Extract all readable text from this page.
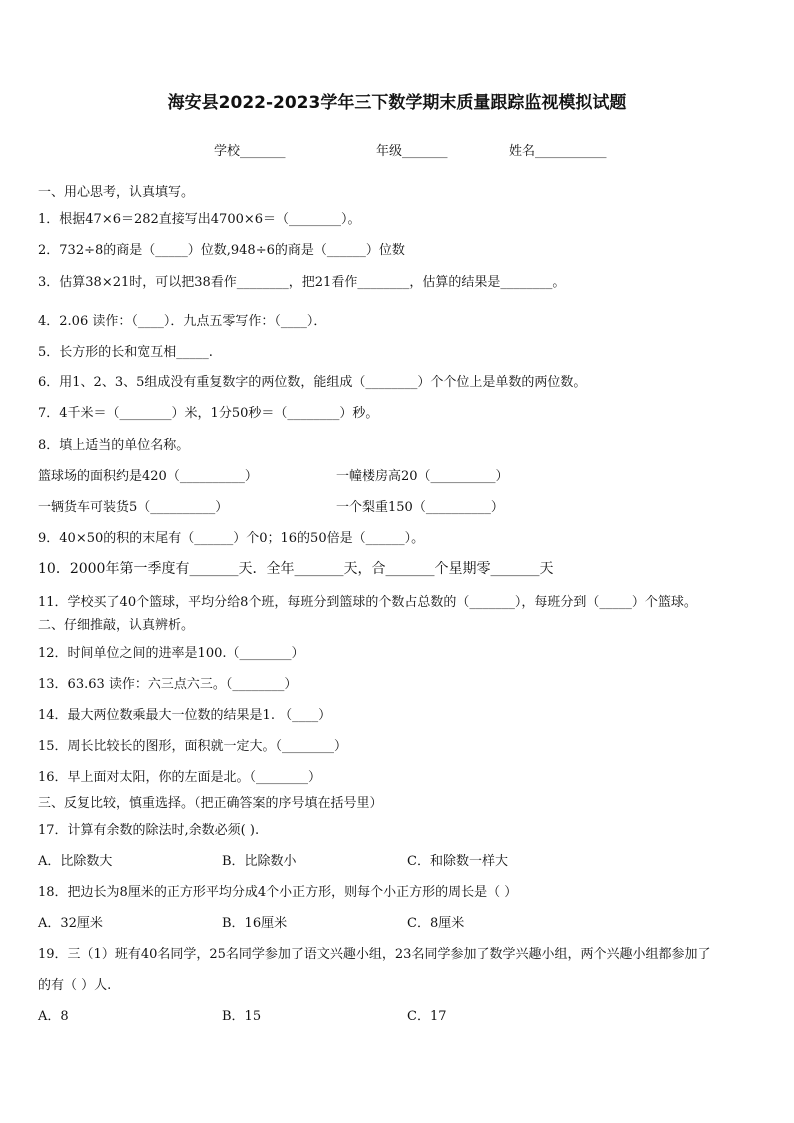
海安县2022-2023学年三下数学期末质量跟踪监视模拟试题
学校_______	年级_______	姓名___________
一、用心思考，认真填写。
1．根据47×6＝282直接写出4700×6＝（________）。
2．732÷8的商是（_____）位数,948÷6的商是（______）位数
3．估算38×21时，可以把38看作________，把21看作________，估算的结果是________。
4．2.06 读作：（____）．九点五零写作：（____）．
5．长方形的长和宽互相_____.
6．用1、2、3、5组成没有重复数字的两位数，能组成（________）个个位上是单数的两位数。
7．4千米＝（________）米，1分50秒＝（________）秒。
8．填上适当的单位名称。
篮球场的面积约是420（__________）	一幢楼房高20（__________）
一辆货车可装货5（__________）	一个梨重150（__________）
9．40×50的积的末尾有（______）个0；16的50倍是（______）。
10．2000年第一季度有_______天．全年_______天，合_______个星期零_______天
11．学校买了40个篮球，平均分给8个班，每班分到篮球的个数占总数的（_______），每班分到（_____）个篮球。
二、仔细推敲，认真辨析。
12．时间单位之间的进率是100.（________）
13．63.63 读作：六三点六三。（________）
14．最大两位数乘最大一位数的结果是1. （____）
15．周长比较长的图形，面积就一定大。（________）
16．早上面对太阳，你的左面是北。（________）
三、反复比较，慎重选择。（把正确答案的序号填在括号里）
17．计算有余数的除法时,余数必须( ).
A．比除数大	B．比除数小	C．和除数一样大
18．把边长为8厘米的正方形平均分成4个小正方形，则每个小正方形的周长是（ ）
A．32厘米	B．16厘米	C．8厘米
19．三（1）班有40名同学，25名同学参加了语文兴趣小组，23名同学参加了数学兴趣小组，两个兴趣小组都参加了
的有（ ）人.
A．8	B．15	C．17
